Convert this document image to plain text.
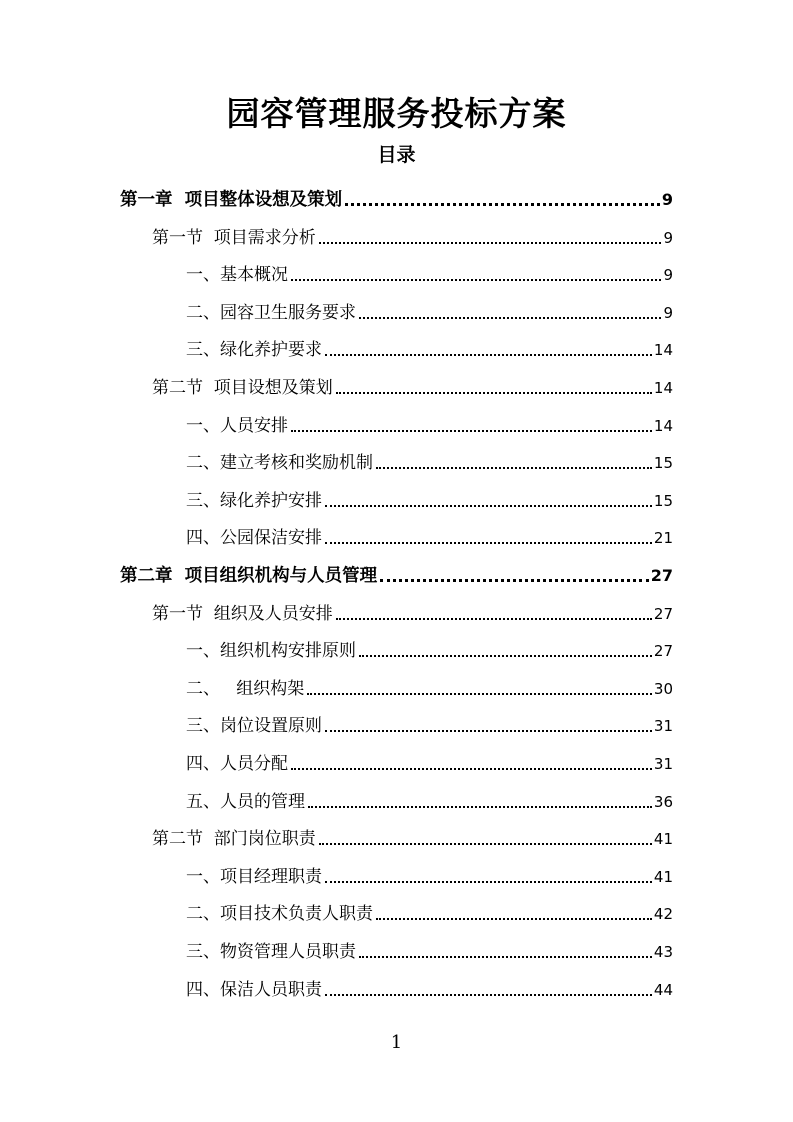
园容管理服务投标方案
目录
第一章  项目整体设想及策划	9
第一节  项目需求分析	9
一、基本概况	9
二、园容卫生服务要求	9
三、绿化养护要求	14
第二节  项目设想及策划	14
一、人员安排	14
二、建立考核和奖励机制	15
三、绿化养护安排	15
四、公园保洁安排	21
第二章  项目组织机构与人员管理	27
第一节  组织及人员安排	27
一、组织机构安排原则	27
二、   组织构架	30
三、岗位设置原则	31
四、人员分配	31
五、人员的管理	36
第二节  部门岗位职责	41
一、项目经理职责	41
二、项目技术负责人职责	42
三、物资管理人员职责	43
四、保洁人员职责	44
1
